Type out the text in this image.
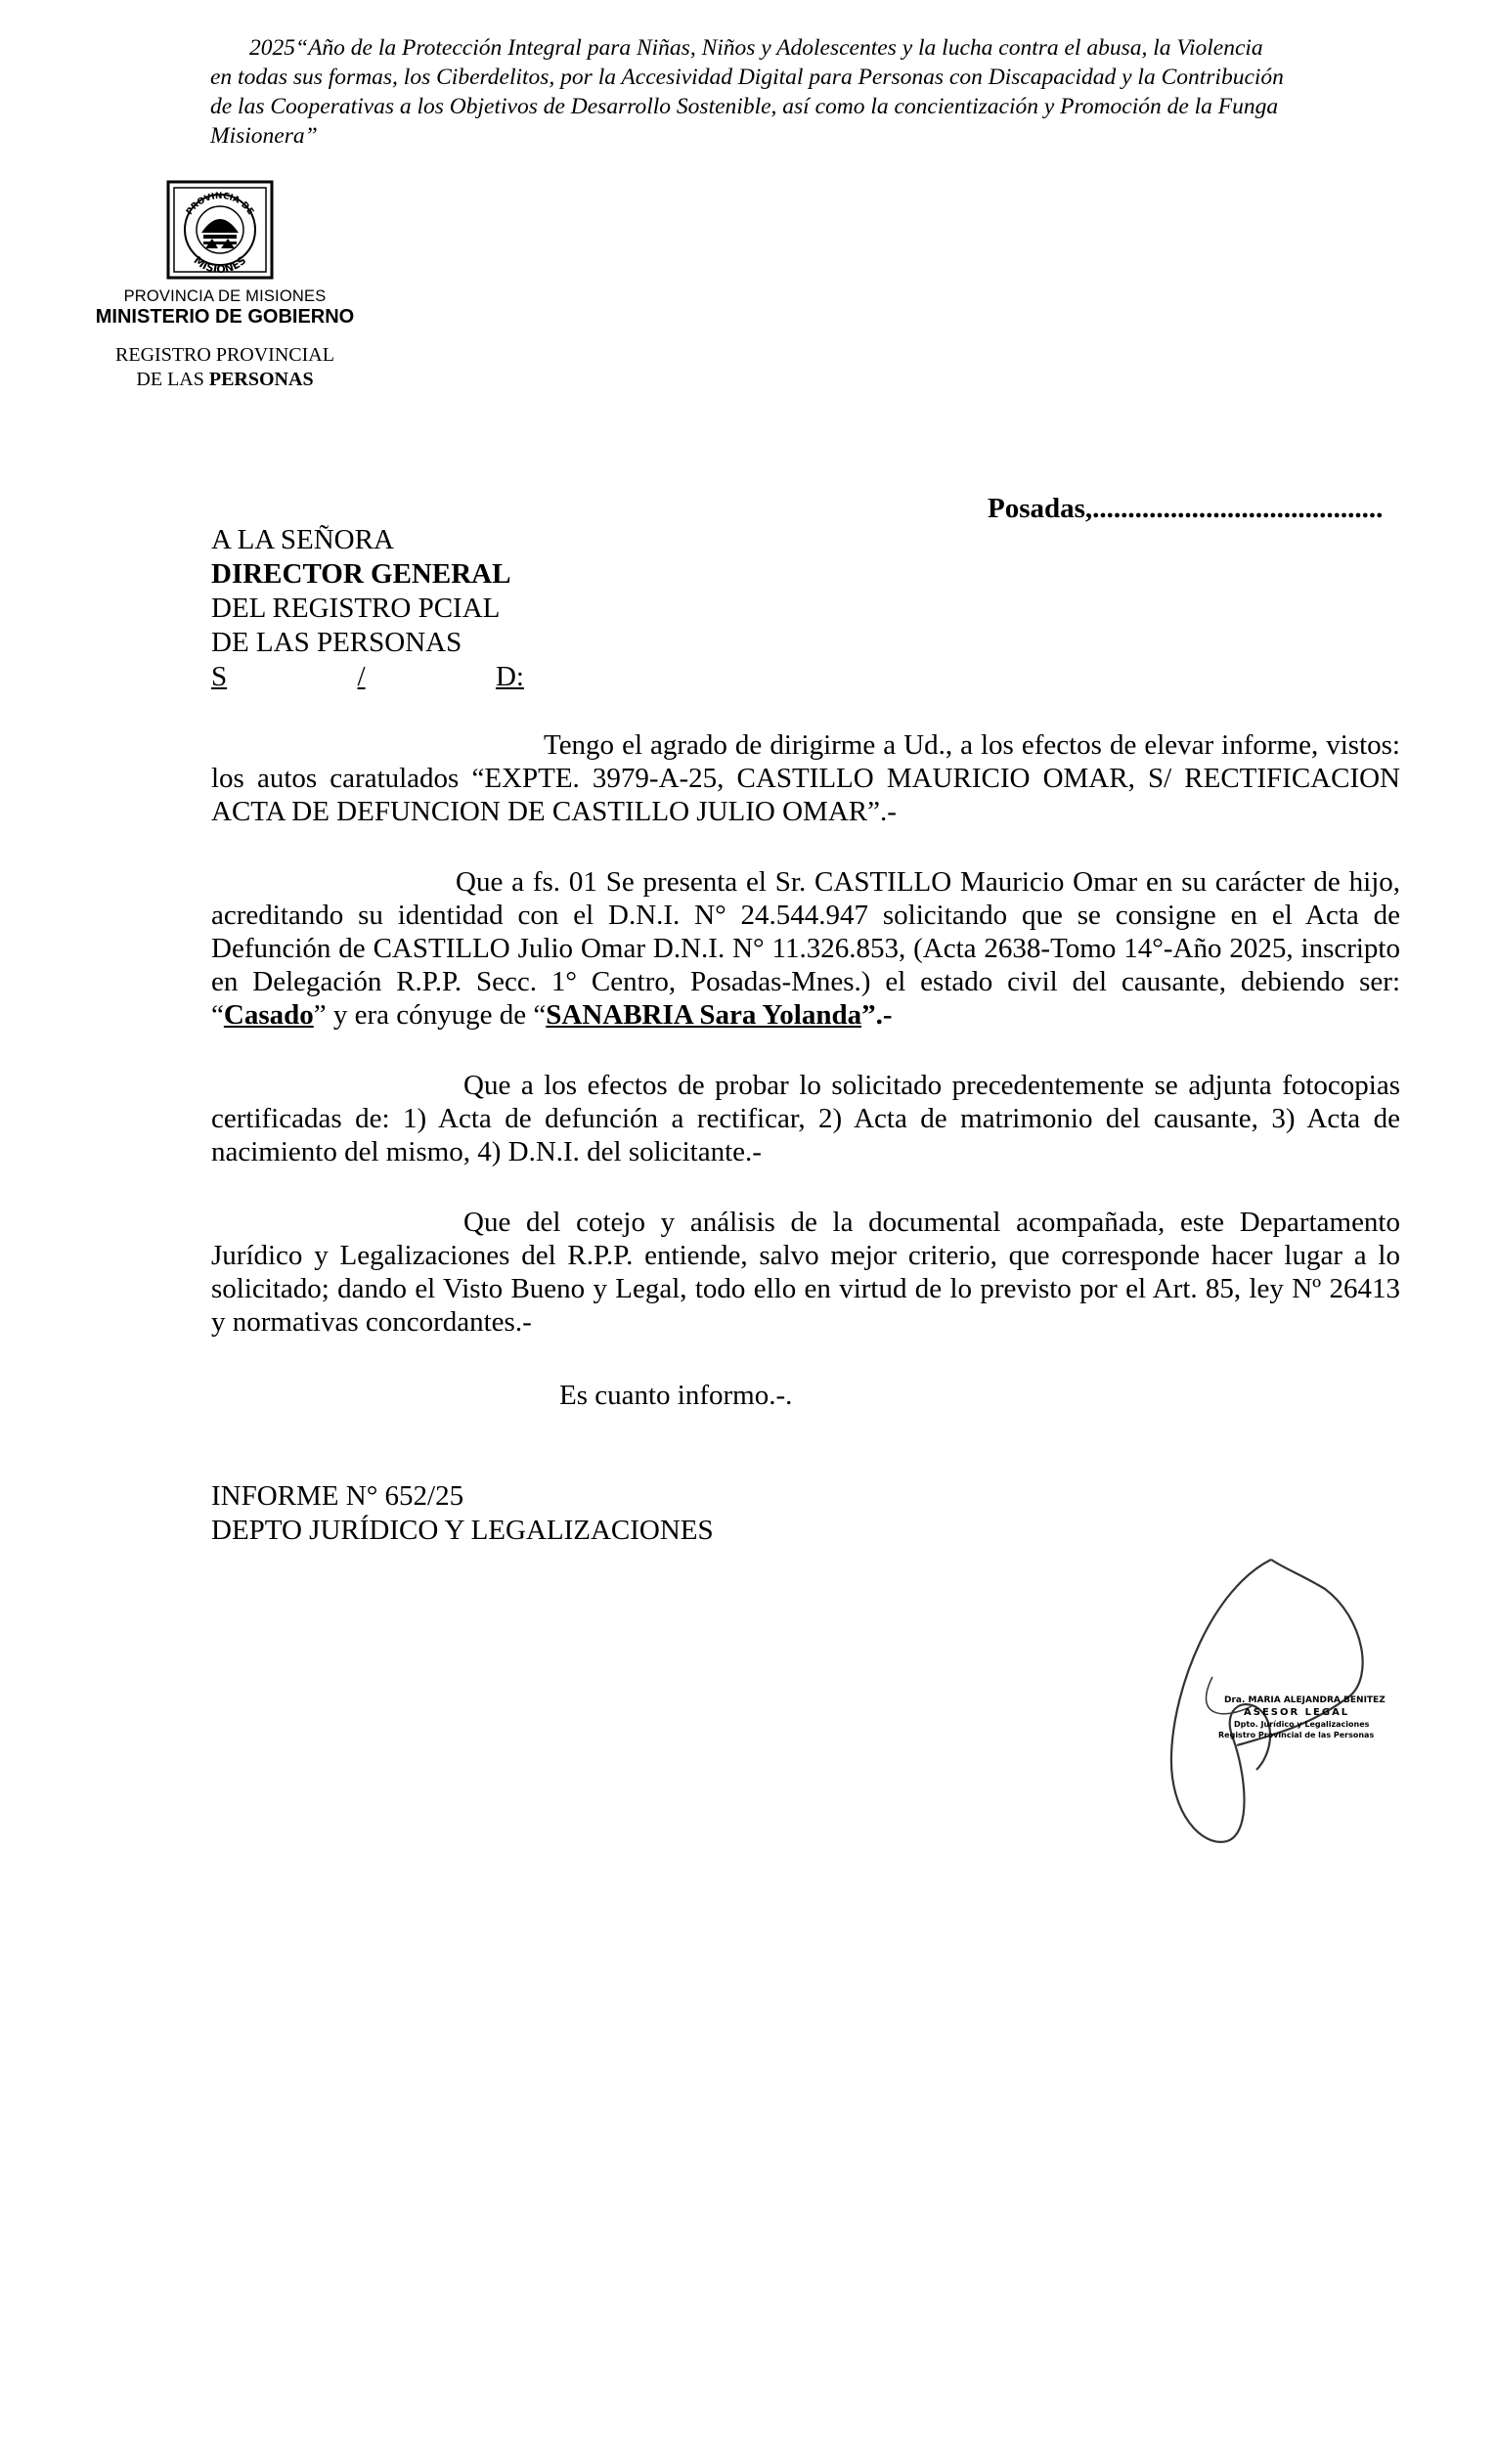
2025“Año de la Protección Integral para Niñas, Niños y Adolescentes y la lucha contra el abusa, la Violencia
en todas sus formas, los Ciberdelitos, por la Accesividad Digital para Personas con Discapacidad y la Contribución
de las Cooperativas a los Objetivos de Desarrollo Sostenible, así como la concientización y Promoción de la Funga
Misionera”
PROVINCIA DE
MISIONES
PROVINCIA DE MISIONES
MINISTERIO DE GOBIERNO
REGISTRO PROVINCIAL
DE LAS PERSONAS
Posadas,.........................................
A LA SEÑORA
DIRECTOR GENERAL
DEL REGISTRO PCIAL
DE LAS PERSONAS
S	/	D:
Tengo el agrado de dirigirme a Ud., a los efectos de elevar informe, vistos: los autos caratulados “EXPTE. 3979-A-25, CASTILLO MAURICIO OMAR, S/ RECTIFICACION ACTA DE DEFUNCION DE CASTILLO JULIO OMAR”.-
Que a fs. 01 Se presenta el Sr. CASTILLO Mauricio Omar en su carácter de hijo, acreditando su identidad con el D.N.I. N° 24.544.947 solicitando que se consigne en el Acta de Defunción de CASTILLO Julio Omar D.N.I. N° 11.326.853, (Acta 2638-Tomo 14°-Año 2025, inscripto en Delegación R.P.P. Secc. 1° Centro, Posadas-Mnes.) el estado civil del causante, debiendo ser: “Casado” y era cónyuge de “SANABRIA Sara Yolanda”.-
Que a los efectos de probar lo solicitado precedentemente se adjunta fotocopias certificadas de: 1) Acta de defunción a rectificar, 2) Acta de matrimonio del causante, 3) Acta de nacimiento del mismo, 4) D.N.I. del solicitante.-
Que del cotejo y análisis de la documental acompañada, este Departamento Jurídico y Legalizaciones del R.P.P. entiende, salvo mejor criterio, que corresponde hacer lugar a lo solicitado; dando el Visto Bueno y Legal, todo ello en virtud de lo previsto por el Art. 85, ley Nº 26413 y normativas concordantes.-
Es cuanto informo.-.
INFORME N° 652/25
DEPTO JURÍDICO Y LEGALIZACIONES
Dra. MARIA ALEJANDRA BENITEZ
ASESOR LEGAL
Dpto. Jurídico y Legalizaciones
Registro Provincial de las Personas
